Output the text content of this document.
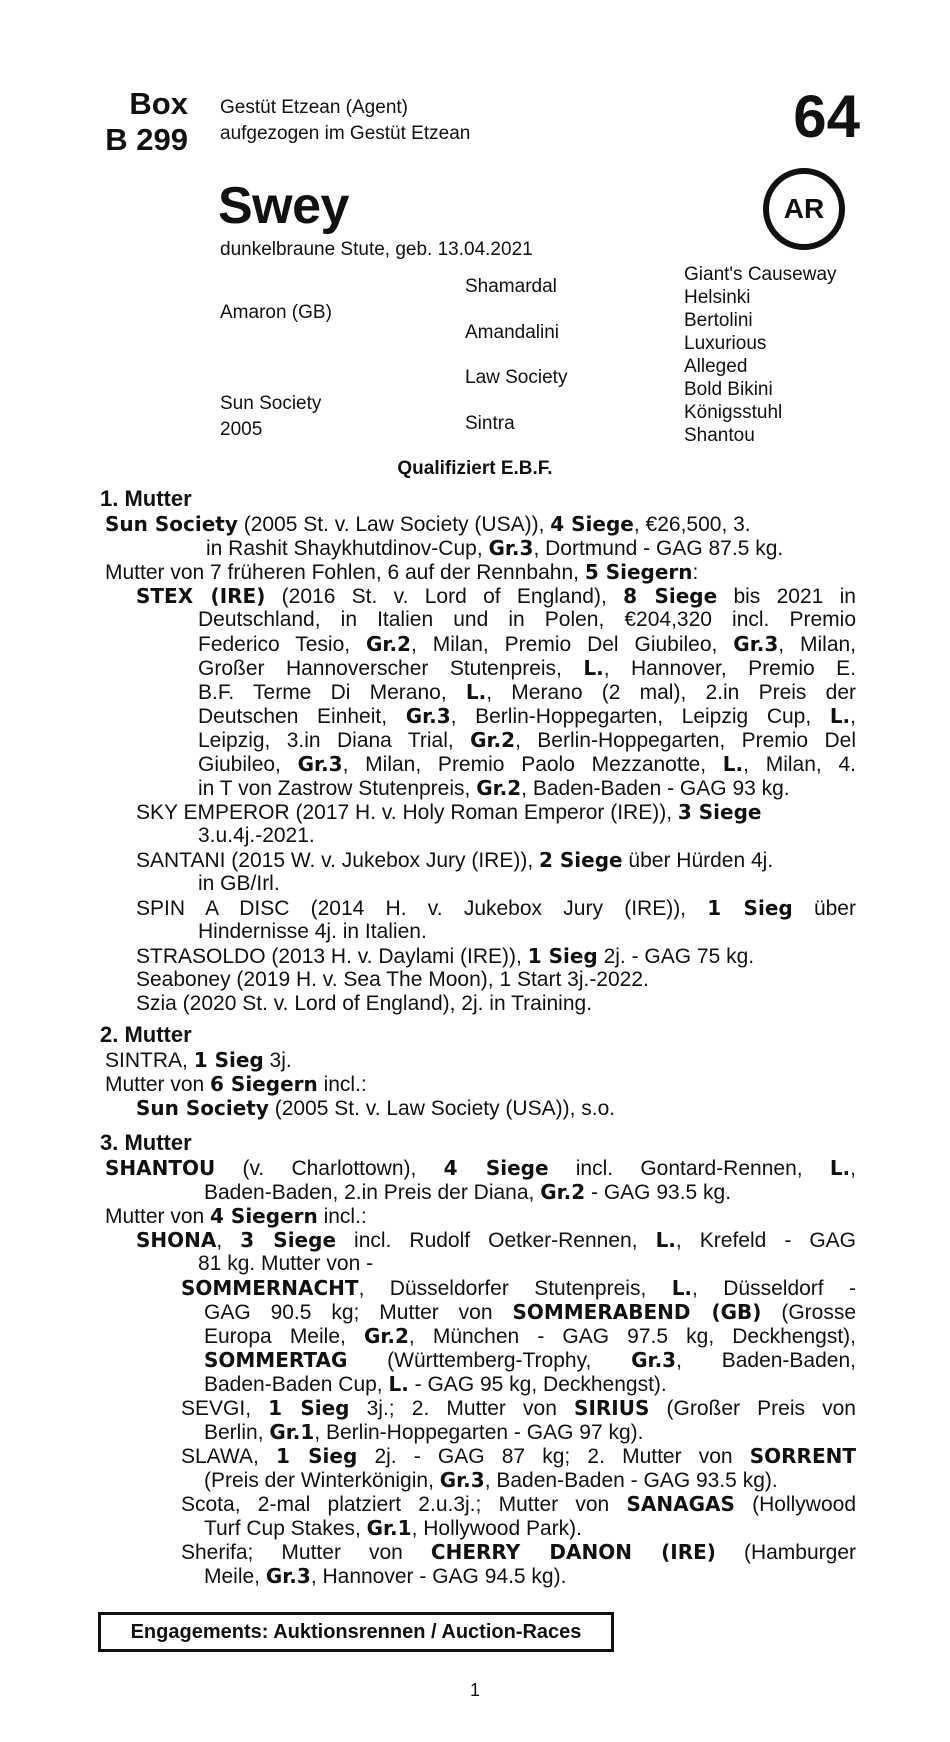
Box
B 299
Gestüt Etzean (Agent)
aufgezogen im Gestüt Etzean	64
Swey	AR
dunkelbraune Stute, geb. 13.04.2021
Amaron (GB)
Sun Society
2005
Shamardal
Amandalini
Law Society
Sintra
Giant's Causeway
Helsinki
Bertolini
Luxurious
Alleged
Bold Bikini
Königsstuhl
Shantou
Qualifiziert E.B.F.
1. Mutter
Sun Society (2005 St. v. Law Society (USA)), 4 Siege, €26,500, 3.
in Rashit Shaykhutdinov-Cup, Gr.3, Dortmund - GAG 87.5 kg.
Mutter von 7 früheren Fohlen, 6 auf der Rennbahn, 5 Siegern:
STEX (IRE) (2016 St. v. Lord of England), 8 Siege bis 2021 in
Deutschland, in Italien und in Polen, €204,320 incl. Premio
Federico Tesio, Gr.2, Milan, Premio Del Giubileo, Gr.3, Milan,
Großer Hannoverscher Stutenpreis, L., Hannover, Premio E.
B.F. Terme Di Merano, L., Merano (2 mal), 2.in Preis der
Deutschen Einheit, Gr.3, Berlin-Hoppegarten, Leipzig Cup, L.,
Leipzig, 3.in Diana Trial, Gr.2, Berlin-Hoppegarten, Premio Del
Giubileo, Gr.3, Milan, Premio Paolo Mezzanotte, L., Milan, 4.
in T von Zastrow Stutenpreis, Gr.2, Baden-Baden - GAG 93 kg.
SKY EMPEROR (2017 H. v. Holy Roman Emperor (IRE)), 3 Siege
3.u.4j.-2021.
SANTANI (2015 W. v. Jukebox Jury (IRE)), 2 Siege über Hürden 4j.
in GB/Irl.
SPIN A DISC (2014 H. v. Jukebox Jury (IRE)), 1 Sieg über
Hindernisse 4j. in Italien.
STRASOLDO (2013 H. v. Daylami (IRE)), 1 Sieg 2j. - GAG 75 kg.
Seaboney (2019 H. v. Sea The Moon), 1 Start 3j.-2022.
Szia (2020 St. v. Lord of England), 2j. in Training.
2. Mutter
SINTRA, 1 Sieg 3j.
Mutter von 6 Siegern incl.:
Sun Society (2005 St. v. Law Society (USA)), s.o.
3. Mutter
SHANTOU (v. Charlottown), 4 Siege incl. Gontard-Rennen, L.,
Baden-Baden, 2.in Preis der Diana, Gr.2 - GAG 93.5 kg.
Mutter von 4 Siegern incl.:
SHONA, 3 Siege incl. Rudolf Oetker-Rennen, L., Krefeld - GAG
81 kg. Mutter von -
SOMMERNACHT, Düsseldorfer Stutenpreis, L., Düsseldorf -
GAG 90.5 kg; Mutter von SOMMERABEND (GB) (Grosse
Europa Meile, Gr.2, München - GAG 97.5 kg, Deckhengst),
SOMMERTAG (Württemberg-Trophy, Gr.3, Baden-Baden,
Baden-Baden Cup, L. - GAG 95 kg, Deckhengst).
SEVGI, 1 Sieg 3j.; 2. Mutter von SIRIUS (Großer Preis von
Berlin, Gr.1, Berlin-Hoppegarten - GAG 97 kg).
SLAWA, 1 Sieg 2j. - GAG 87 kg; 2. Mutter von SORRENT
(Preis der Winterkönigin, Gr.3, Baden-Baden - GAG 93.5 kg).
Scota, 2-mal platziert 2.u.3j.; Mutter von SANAGAS (Hollywood
Turf Cup Stakes, Gr.1, Hollywood Park).
Sherifa; Mutter von CHERRY DANON (IRE) (Hamburger
Meile, Gr.3, Hannover - GAG 94.5 kg).
Engagements: Auktionsrennen / Auction-Races
1
